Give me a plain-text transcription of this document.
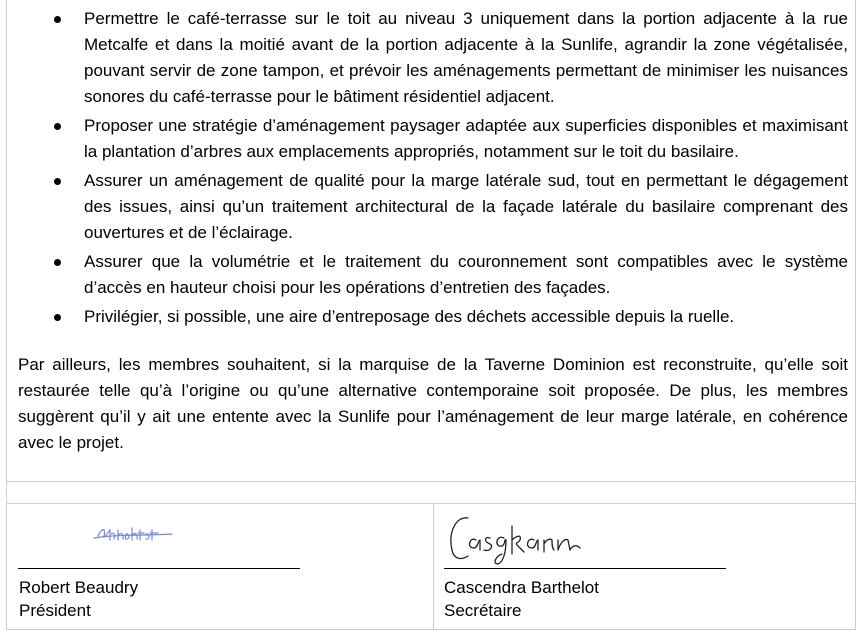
Permettre le café-terrasse sur le toit au niveau 3 uniquement dans la portion adjacente à la rue Metcalfe et dans la moitié avant de la portion adjacente à la Sunlife, agrandir la zone végétalisée, pouvant servir de zone tampon, et prévoir les aménagements permettant de minimiser les nuisances sonores du café-terrasse pour le bâtiment résidentiel adjacent.
Proposer une stratégie d’aménagement paysager adaptée aux superficies disponibles et maximisant la plantation d’arbres aux emplacements appropriés, notamment sur le toit du basilaire.
Assurer un aménagement de qualité pour la marge latérale sud, tout en permettant le dégagement des issues, ainsi qu’un traitement architectural de la façade latérale du basilaire comprenant des ouvertures et de l’éclairage.
Assurer que la volumétrie et le traitement du couronnement sont compatibles avec le système d’accès en hauteur choisi pour les opérations d’entretien des façades.
Privilégier, si possible, une aire d’entreposage des déchets accessible depuis la ruelle.

Par ailleurs, les membres souhaitent, si la marquise de la Taverne Dominion est reconstruite, qu’elle soit restaurée telle qu’à l’origine ou qu’une alternative contemporaine soit proposée. De plus, les membres suggèrent qu’il y ait une entente avec la Sunlife pour l’aménagement de leur marge latérale, en cohérence avec le projet.

Robert Beaudry
Président
Cascendra Barthelot
Secrétaire
